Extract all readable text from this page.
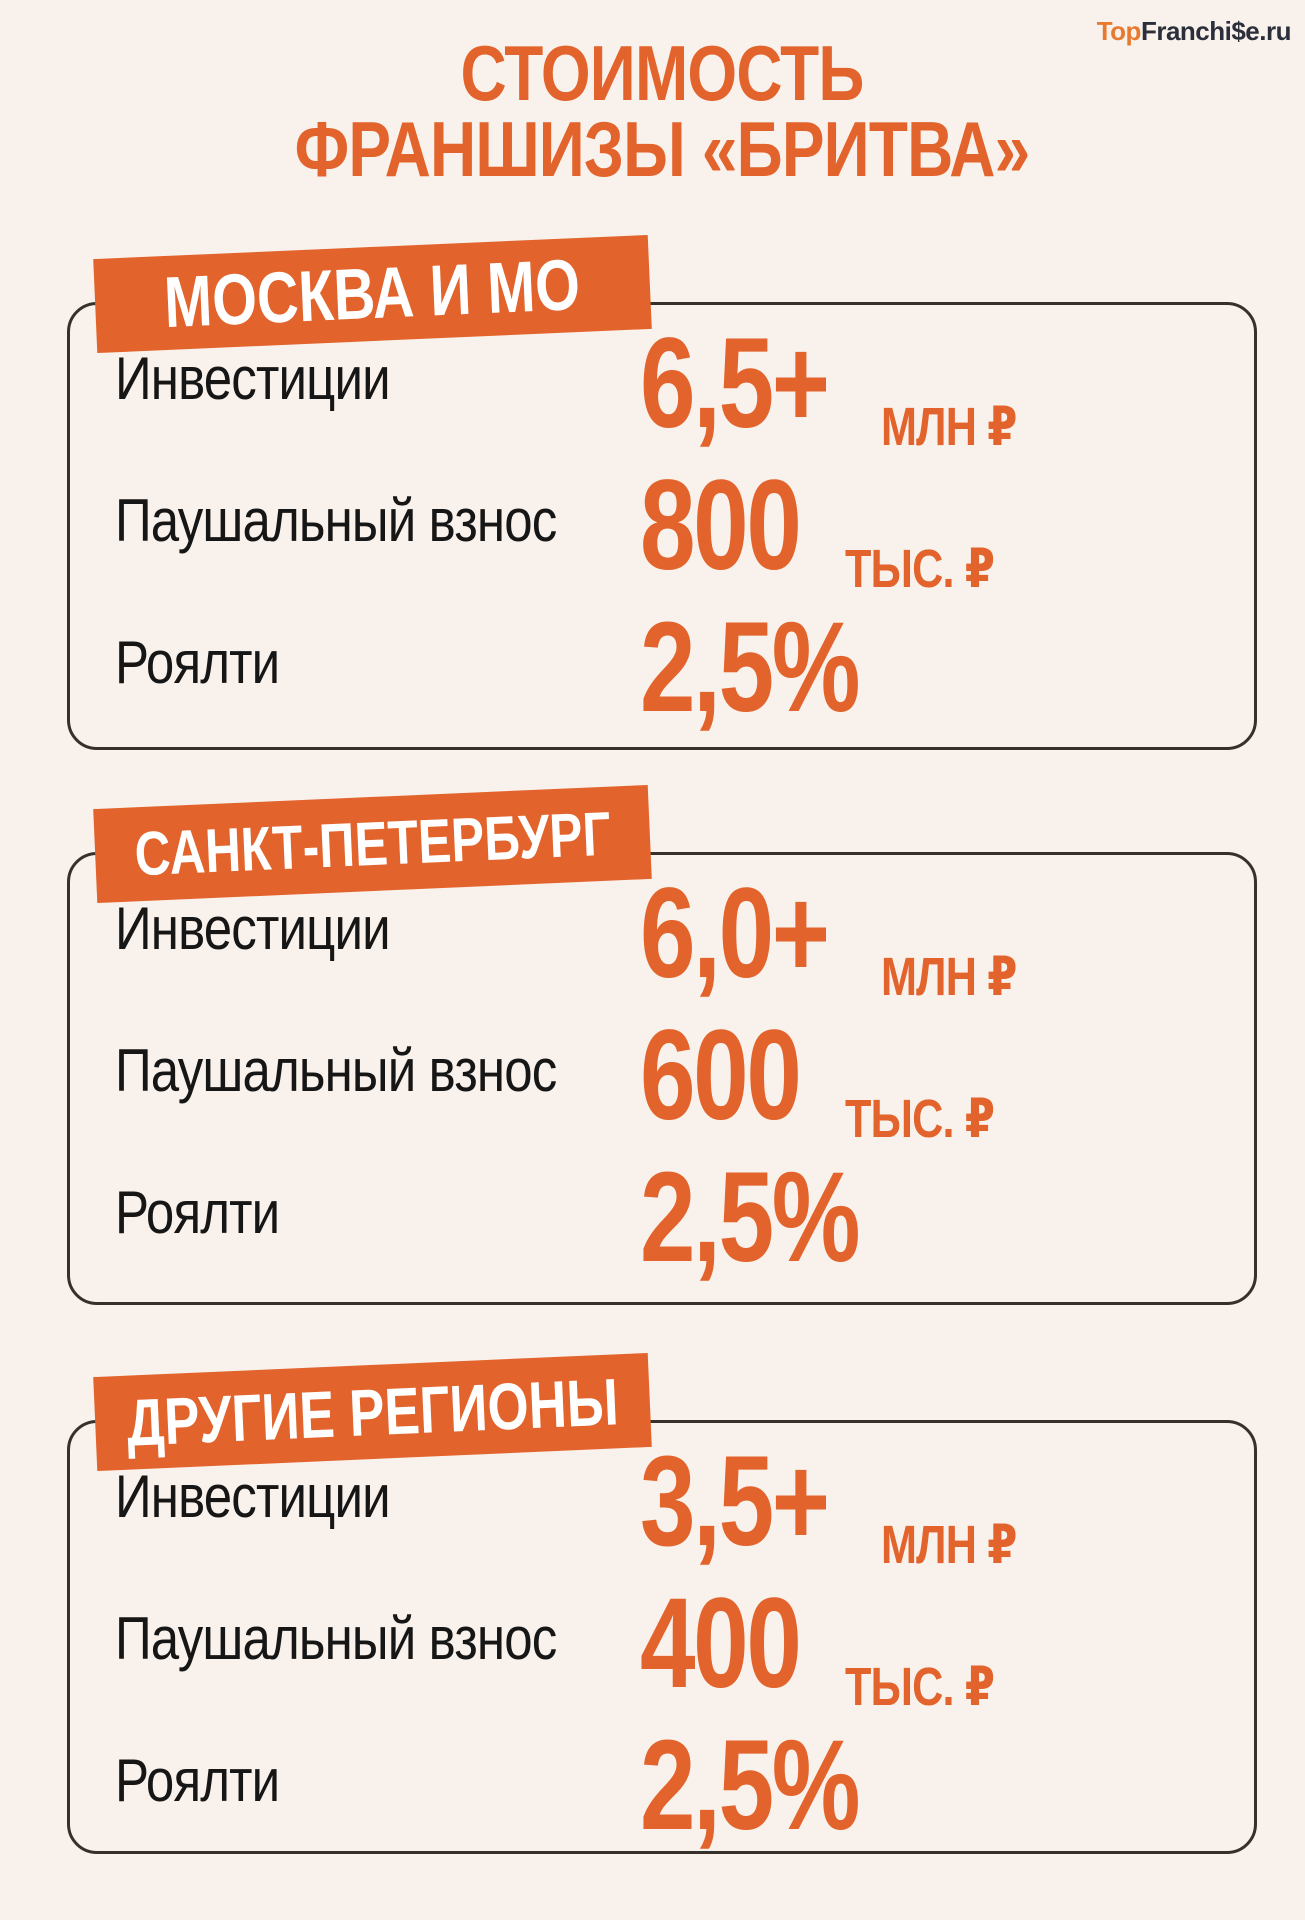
TopFranchi$e.ru
СТОИМОСТЬ
ФРАНШИЗЫ «БРИТВА»
Инвестиции	6,5+ МЛН ₽
Паушальный взнос 800 ТЫС. ₽
Роялти	2,5%
МОСКВА И МО
Инвестиции	6,0+ МЛН ₽
Паушальный взнос 600 ТЫС. ₽
Роялти	2,5%
САНКТ-ПЕТЕРБУРГ
Инвестиции	3,5+ МЛН ₽
Паушальный взнос 400 ТЫС. ₽
Роялти	2,5%
ДРУГИЕ РЕГИОНЫ
